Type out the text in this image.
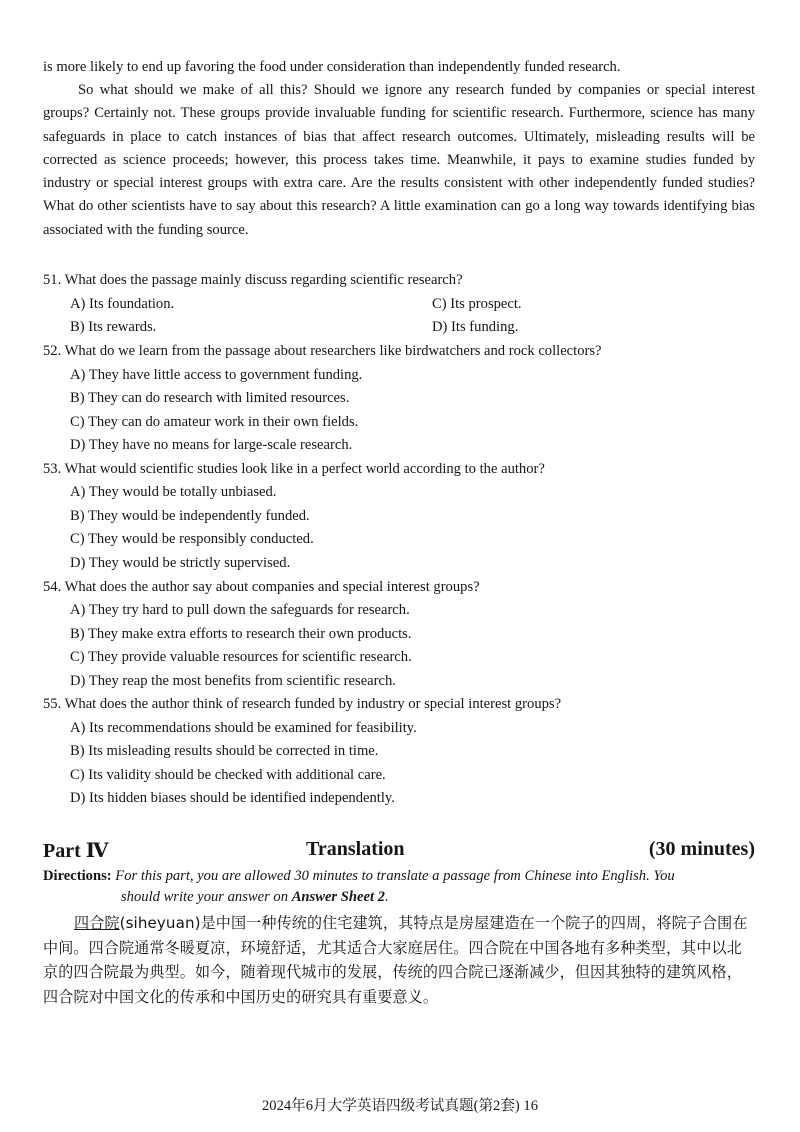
is more likely to end up favoring the food under consideration than independently funded research.

So what should we make of all this? Should we ignore any research funded by companies or special interest groups? Certainly not. These groups provide invaluable funding for scientific research. Furthermore, science has many safeguards in place to catch instances of bias that affect research outcomes. Ultimately, misleading results will be corrected as science proceeds; however, this process takes time. Meanwhile, it pays to examine studies funded by industry or special interest groups with extra care. Are the results consistent with other independently funded studies? What do other scientists have to say about this research? A little examination can go a long way towards identifying bias associated with the funding source.

51. What does the passage mainly discuss regarding scientific research?
A) Its foundation.
B) Its rewards.
C) Its prospect.
D) Its funding.
52. What do we learn from the passage about researchers like birdwatchers and rock collectors?
A) They have little access to government funding.
B) They can do research with limited resources.
C) They can do amateur work in their own fields.
D) They have no means for large-scale research.
53. What would scientific studies look like in a perfect world according to the author?
A) They would be totally unbiased.
B) They would be independently funded.
C) They would be responsibly conducted.
D) They would be strictly supervised.
54. What does the author say about companies and special interest groups?
A) They try hard to pull down the safeguards for research.
B) They make extra efforts to research their own products.
C) They provide valuable resources for scientific research.
D) They reap the most benefits from scientific research.
55. What does the author think of research funded by industry or special interest groups?
A) Its recommendations should be examined for feasibility.
B) Its misleading results should be corrected in time.
C) Its validity should be checked with additional care.
D) Its hidden biases should be identified independently.
Part Ⅳ	Translation	(30 minutes)
Directions: For this part, you are allowed 30 minutes to translate a passage from Chinese into English. You
should write your answer on Answer Sheet 2.

四合院(siheyuan)是中国一种传统的住宅建筑，其特点是房屋建造在一个院子的四周，将院子合围在中间。四合院通常冬暖夏凉，环境舒适，尤其适合大家庭居住。四合院在中国各地有多种类型，其中以北京的四合院最为典型。如今，随着现代城市的发展，传统的四合院已逐渐减少，但因其独特的建筑风格，四合院对中国文化的传承和中国历史的研究具有重要意义。

2024年6月大学英语四级考试真题(第2套) 16
